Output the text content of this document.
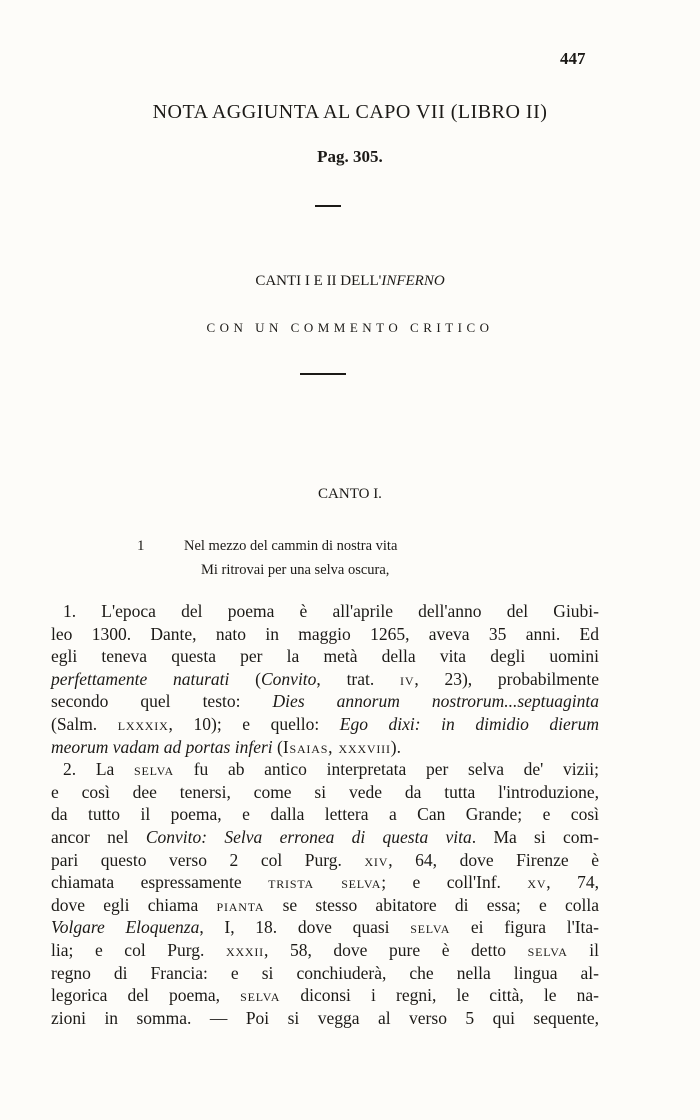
447
NOTA AGGIUNTA AL CAPO VII (LIBRO II)
Pag. 305.
CANTI I E II DELL'INFERNO
CON UN COMMENTO CRITICO
CANTO I.
1	Nel mezzo del cammin di nostra vita
Mi ritrovai per una selva oscura,
1. L'epoca del poema è all'aprile dell'anno del Giubi-
leo 1300. Dante, nato in maggio 1265, aveva 35 anni. Ed
egli teneva questa per la metà della vita degli uomini
perfettamente naturati (Convito, trat. iv, 23), probabilmente
secondo quel testo: Dies annorum nostrorum...septuaginta
(Salm. lxxxix, 10); e quello: Ego dixi: in dimidio dierum
meorum vadam ad portas inferi (Isaias, xxxviii).
2. La selva fu ab antico interpretata per selva de' vizii;
e così dee tenersi, come si vede da tutta l'introduzione,
da tutto il poema, e dalla lettera a Can Grande; e così
ancor nel Convito: Selva erronea di questa vita. Ma si com-
pari questo verso 2 col Purg. xiv, 64, dove Firenze è
chiamata espressamente trista selva; e coll'Inf. xv, 74,
dove egli chiama pianta se stesso abitatore di essa; e colla
Volgare Eloquenza, I, 18. dove quasi selva ei figura l'Ita-
lia; e col Purg. xxxii, 58, dove pure è detto selva il
regno di Francia: e si conchiuderà, che nella lingua al-
legorica del poema, selva diconsi i regni, le città, le na-
zioni in somma. — Poi si vegga al verso 5 qui sequente,
